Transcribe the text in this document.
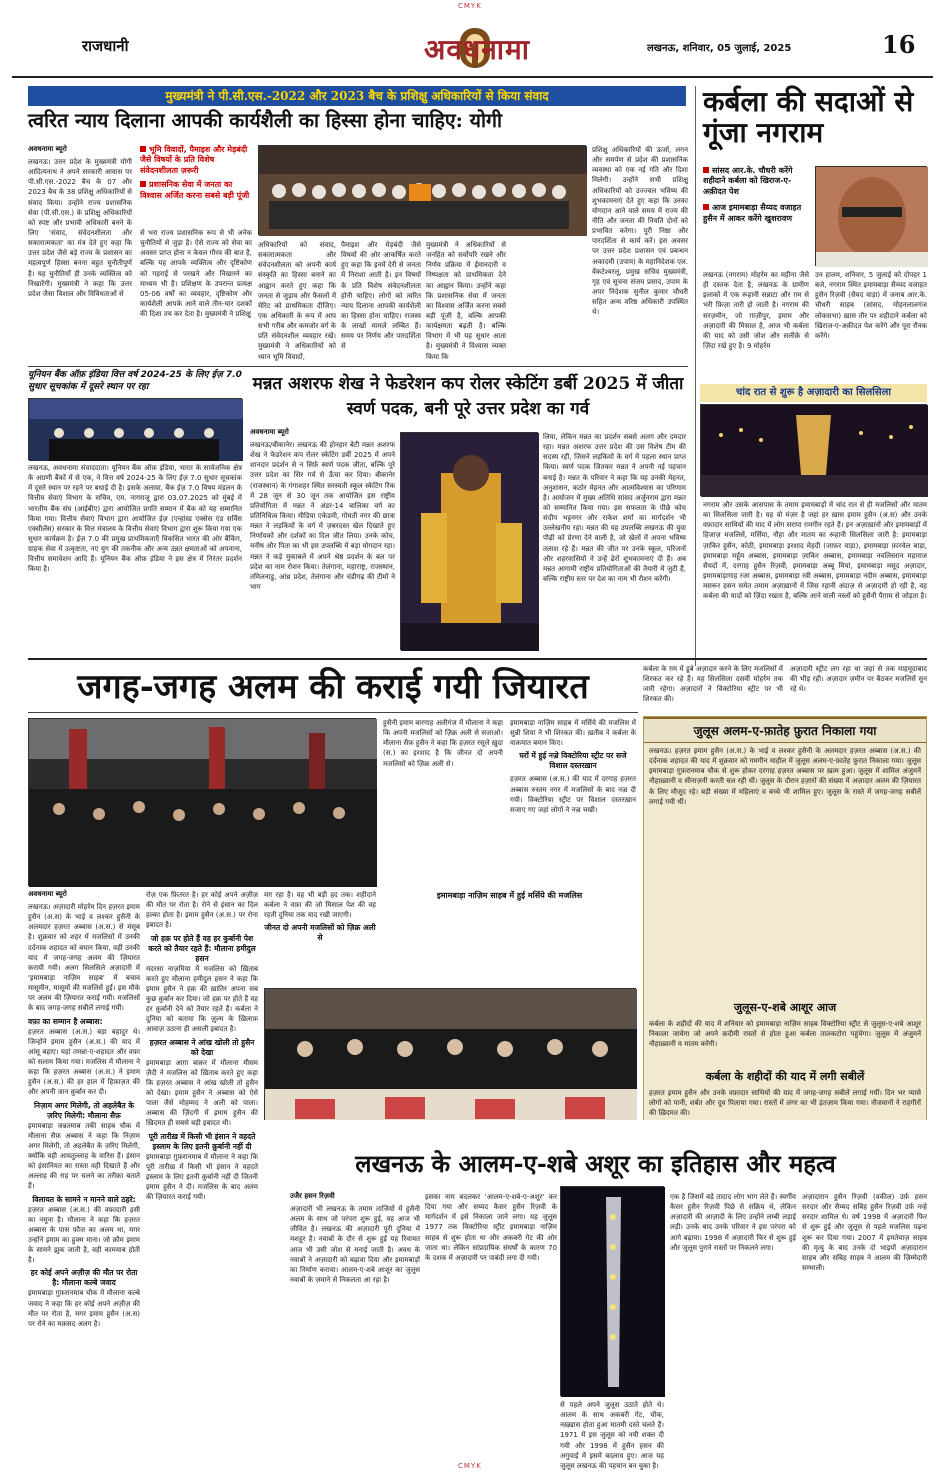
CMYK
CMYK
राजधानी	अवधनामा	लखनऊ, शनिवार, 05 जुलाई, 2025	16
मुख्यमंत्री ने पी.सी.एस.-2022 और 2023 बैच के प्रशिक्षु अधिकारियों से किया संवाद
त्वरित न्याय दिलाना आपकी कार्यशैली का हिस्सा होना चाहिए: योगी
अवधनामा ब्यूरो
लखनऊ। उत्तर प्रदेश के मुख्यमंत्री योगी आदित्यनाथ ने अपने सरकारी आवास पर पी.सी.एस.-2022 बैच के 07 और 2023 बैच के 38 प्रशिक्षु अधिकारियों से संवाद किया। उन्होंने राज्य प्रशासनिक सेवा (पी.सी.एस.) के प्रशिक्षु अधिकारियों को स्पष्ट और प्रभावी अधिकारी बनने के लिए 'संवाद, संवेदनशीलता और सकारात्मकता' का मंत्र देते हुए कहा कि उत्तर प्रदेश जैसे बड़े राज्य के प्रशासन का महत्वपूर्ण हिस्सा बनना बहुत चुनौतीपूर्ण है। यह चुनौतियाँ ही उनके व्यक्तित्व को निखारेंगी। मुख्यमंत्री ने कहा कि उत्तर प्रदेश जैसा विशाल और विविधताओं से
भूमि विवादों, पैमाइश और मेड़बंदी जैसे विषयों के प्रति विशेष संवेदनशीलता ज़रूरी
प्रशासनिक सेवा में जनता का विश्वास अर्जित करना सबसे बड़ी पूंजी
से भरा राज्य प्रशासनिक रूप से भी अनेक चुनौतियों से जुड़ा है। ऐसे राज्य को सेवा का अवसर प्राप्त होना न केवल गौरव की बात है, बल्कि यह आपके व्यक्तित्व और दृष्टिकोण को गहराई से परखने और निखारने का माध्यम भी है। प्रशिक्षण के उपरान्त प्रत्यक्ष 05-06 वर्षों का व्यवहार, दृष्टिकोण और कार्यशैली आपके आने वाले तीन-चार दशकों की दिशा तय कर देता है। मुख्यमंत्री ने प्रशिक्षु
अधिकारियों को संवाद, सकारात्मकता और संवेदनशीलता को अपनी कार्य संस्कृति का हिस्सा बनाने का आह्वान करते हुए कहा कि जनता से जुड़ाव और फैसलों में मेरिट को प्राथमिकता दीजिए। एक अधिकारी के रूप में आप सभी गरीब और कमजोर वर्ग के प्रति संवेदनशील व्यवहार रखें। मुख्यमंत्री ने अधिकारियों को ध्यान भूमि विवादों,
पैमाइश और मेड़बंदी जैसे विषयों की ओर आकर्षित करते हुए कहा कि इनमें देरी से जनता में निराशा आती है। इन विषयों के प्रति विशेष संवेदनशीलता होनी चाहिए। लोगों को त्वरित न्याय दिलाना आपकी कार्यशैली का हिस्सा होना चाहिए। राजस्व के लाखों मामले लम्बित हैं। समय पर निर्णय और पारदर्शिता से
मुख्यमंत्री ने अधिकारियों से जनहित को सर्वोपरि रखने और निर्णय प्रक्रिया में ईमानदारी व निष्पक्षता को प्राथमिकता देने का आह्वान किया। उन्होंने कहा कि प्रशासनिक सेवा में जनता का विश्वास अर्जित करना सबसे बड़ी पूंजी है, बल्कि आपकी कार्यक्षमता बढ़ती है। बल्कि विभाग में भी यह सुधार आता है। मुख्यमंत्री ने विश्वास व्यक्त किया कि
प्रशिक्षु अधिकारियों की ऊर्जा, लगन और समर्पण से प्रदेश की प्रशासनिक व्यवस्था को एक नई गति और दिशा मिलेगी। उन्होंने सभी प्रशिक्षु अधिकारियों को उज्ज्वल भविष्य की शुभकामनाएं देते हुए कहा कि उनका योगदान आने वाले समय में राज्य की नीति और जनता की नियति दोनों को प्रभावित करेगा। पूरी निष्ठा और पारदर्शिता से कार्य करें। इस अवसर पर उत्तर प्रदेश प्रशासन एवं प्रबन्धन अकादमी (उपाम) के महानिदेशक एल. वेंकटेश्वरलू, प्रमुख सचिव मुख्यमंत्री, गृह एवं सूचना संजय प्रसाद, उपाम के अपर निदेशक सुनील कुमार चौधरी सहित अन्य वरिष्ठ अधिकारी उपस्थित थे।
कर्बला की सदाओं से गूंजा नगराम
सांसद आर.के. चौधरी करेंगे शहीदाने कर्बला को खिराज-ए-अक़ीदत पेश
आज इमामबाड़ा सैय्यद वजाहत हुसैन में आकर करेंगे खुशरावण
लखनऊ (नगराम) मोहर्रम का महीना जैसे ही दस्तक देता है, लखनऊ के ग्रामीण इलाकों में एक रूहानी सन्नाटा और ग़म से भरी फ़िज़ा तारी हो जाती है। नगराम की सरज़मीन, जो ग़ाज़ीपुर, इमाम और अज़ादारी की मिसाल है, आज भी कर्बला की याद को उसी जोश और सलीक़े से ज़िंदा रखे हुए है। 9 मोहर्रम
उन हालम, शनिवार, 5 जुलाई को दोपहर 1 बजे, नगराम स्थित इमामबाड़ा सैय्यद वजाहत हुसैन रिज़वी (सैयद वाड़ा) में जनाब आर.के. चौधरी साहब (सांसद, मोहनलालगंज लोकसभा) ख़ास तौर पर शहीदाने कर्बला को खिराज-ए-अक़ीदत पेश करेंगे और पूरा रौनक करेंगे।
चांद रात से शुरू है अज़ादारी का सिलसिला
नगराम और उसके आसपास के तमाम इमामबाड़ों में चांद रात से ही मजलिसों और मातम का सिलसिला जारी है। यह वो मंज़र है जहां हर ख़ास इमाम हुसैन (अ.स) और उनके वफ़ादार साथियों की याद में लोग सरापा ग़मगीन रहते हैं। इन अज़ाख़ानों और इमामबाड़ों में हिजाज़ मजलिसें, मर्सिया, नौहा और मातम का रूहानी सिलसिला जारी है: इमामबाड़ा ज़ाकिर हुसैन, कोठी, इमामबाड़ा इरशाद मेहदी (जाफ़र वाड़ा), इमामबाड़ा फ़ारवेल बाड़ा, इमामबाड़ा मर्हूम अब्बास, इमामबाड़ा ज़ाकिर अब्बास, इमामबाड़ा नवलिस्तान महाराज सैयदों में, दरगाह हुसैन रिज़वी, इमामबाड़ा अब्बू मियां, इमामबाड़ा मसूद अज़ादार, इमामबाड़ागाह रजा अब्बास, इमामबाड़ा रवी अब्बास, इमामबाड़ा नदीम अब्बास, इमामबाड़ा मसरूर हसन समेत तमाम अज़ाख़ानों में जिस रहानी अंदाज़ से अज़ादारी हो रही है, वह कर्बला की यादों को ज़िंदा रखता है, बल्कि आने वाली नस्लों को हुसैनी पैग़ाम से जोड़ता है।
यूनियन बैंक ऑफ़ इंडिया वित्त वर्ष 2024-25 के लिए ईज़ 7.0 सुधार सूचकांक में दूसरे स्थान पर रहा
लखनऊ, अवधनामा संवाददाता। यूनियन बैंक ऑफ़ इंडिया, भारत के सार्वजनिक क्षेत्र के अग्रणी बैंकों में से एक, ने वित्त वर्ष 2024-25 के लिए ईज़ 7.0 सुधार सूचकांक में दूसरे स्थान पर रहने पर बधाई दी है। इसके अलावा, बैंक ईज़ 7.0 विषय मंडलन के वित्तीय सेवाएं विभाग के सचिव, एम. नागराजू द्वारा 03.07.2025 को मुंबई में भारतीय बैंक संघ (आईबीए) द्वारा आयोजित प्रगति सम्मान में बैंक को यह सम्मानित किया गया। वित्तीय सेवाएं विभाग द्वारा आयोजित ईज़ (एन्हांस्ड एक्सेस एंड सर्विस एक्सीलेंस) सरकार के वित्त मंत्रालय के वित्तीय सेवाएं विभाग द्वारा शुरू किया गया एक सुधार कार्यक्रम है। ईज़ 7.0 की प्रमुख प्राथमिकताएँ विकसित भारत की ओर बैंकिंग, ग्राहक सेवा में उत्कृष्टता, नए युग की तकनीक और अन्य उन्नत क्षमताओं को अपनाना, वित्तीय समावेशन आदि हैं। यूनियन बैंक ऑफ़ इंडिया ने इस क्षेत्र में निरंतर प्रदर्शन किया है।
मन्नत अशरफ शेख ने फेडरेशन कप रोलर स्केटिंग डर्बी 2025 में जीता स्वर्ण पदक, बनी पूरे उत्तर प्रदेश का गर्व
अवधनामा ब्यूरो
लखनऊ/बीकानेर। लखनऊ की होनहार बेटी मन्नत अशरफ शेख ने फेडरेशन कप रोलर स्केटिंग डर्बी 2025 में अपने शानदार प्रदर्शन से न सिर्फ़ स्वर्ण पदक जीता, बल्कि पूरे उत्तर प्रदेश का सिर गर्व से ऊँचा कर दिया। बीकानेर (राजस्थान) के गंगाशहर स्थित सरस्वती स्कूल स्केटिंग रिंक में 28 जून से 30 जून तक आयोजित इस राष्ट्रीय प्रतियोगिता में मन्नत ने अंडर-14 बालिका वर्ग का प्रतिनिधित्व किया। मीडिया एकेडमी, गोमती नगर की छात्रा मन्नत ने लड़कियों के वर्ग में ज़बरदस्त खेल दिखाते हुए निर्णायकों और दर्शकों का दिल जीत लिया। उनके कोच, मनीष और पिता का भी इस उपलब्धि में बड़ा योगदान रहा। मन्नत ने कड़े मुकाबले में अपने श्रेष्ठ प्रदर्शन के बल पर प्रदेश का नाम रोशन किया। तेलंगाना, महाराष्ट्र, राजस्थान, तमिलनाडु, आंध्र प्रदेश, तेलंगाना और चंडीगढ़ की टीमों ने भाग
लिया, लेकिन मन्नत का प्रदर्शन सबसे अलग और दमदार रहा। मन्नत अशरफ उत्तर प्रदेश की उस विशेष टीम की सदस्य रहीं, जिसने लड़कियों के वर्ग में पहला स्थान प्राप्त किया। स्वर्ण पदक जितकर मन्नत ने अपनी नई पहचान बनाई है। मन्नत के परिवार ने कहा कि यह उनकी मेहनत, अनुशासन, कठोर मेहनत और आत्मविश्वास का परिणाम है। आयोजन में मुख्य अतिथि सांसद अर्जुनराम द्वारा मन्नत को सम्मानित किया गया। इस सफलता के पीछे कोच संदीप भट्टनगर और राकेश शर्मा का मार्गदर्शन भी उल्लेखनीय रहा। मन्नत की यह उपलब्धि लखनऊ की युवा पीढ़ी को प्रेरणा देने वाली है, जो खेलों में अपना भविष्य तलाश रहे हैं। मन्नत की जीत पर उनके स्कूल, परिजनों और शहरवासियों ने उन्हें ढेरों शुभकामनाएं दी हैं। अब मन्नत आगामी राष्ट्रीय प्रतियोगिताओं की तैयारी में जुटी हैं, बल्कि राष्ट्रीय स्तर पर देश का नाम भी रौशन करेंगी।
जगह-जगह अलम की कराई गयी जियारत
हुसैनी इमाम बारगाह अलीगंज में मौलाना ने कहा कि अपनी मजलिसों को ज़िक्र अली से सजाओ। मौलाना सैफ़ हुसैन ने कहा कि हज़रत रसूले ख़ुदा (स.) का इरशाद है कि जीनत दो अपनी मजलिसों को ज़िक्र अली से।
इमामबाड़ा नाज़िम साहब में मर्सिये की मजलिस में सुन्नी शिया ने भी शिरकत की। ख़तीब ने कर्बला के वाक़यात बयान किए।
घरों में हुई नज़्रे विक्टोरिया स्ट्रीट पर सजे विशाल दस्तरख़ान
हज़रत अब्बास (अ.स.) की याद में दरगाह हज़रत अब्बास रुस्तम नगर में मजलिसों के बाद नज़्र दी गयी। विक्टोरिया स्ट्रीट पर विशाल दस्तरख़ान सजाए गए जहां लोगों ने नज़्र चखी।
कर्बला के ग़म में डूबे अज़ादार करने के लिए मजलिसों में शिरकत कर रहे हैं। यह सिलसिला दसवीं मोहर्रम तक जारी रहेगा। अज़ादारों ने विक्टोरिया स्ट्रीट पर भी शिरकत की।
अज़ादारी स्ट्रीट लग रहा था जहां से तक माहमूदाबाद की भीड़ रही। अज़ादार ज़मीन पर बैठकर मजलिसें सुन रहे थे।
जुलूस अलम-ए-फ़ातेह फ़ुरात निकाला गया
लखनऊ। हज़रत इमाम हुसैन (अ.स.) के भाई व लश्कर हुसैनी के अलमदार हज़रत अब्बास (अ.स.) की दर्दनाक शहादत की याद में शुक्रवार को गमगीन माहौल में जुलूस अलम-ए-फ़ातेह फ़ुरात निकाला गया। जुलूस इमामबाड़ा ग़ुफ़रानमाब चौक से शुरू होकर दरगाह हज़रत अब्बास पर ख़त्म हुआ। जुलूस में शामिल अंजुमनें नौहाख़्वानी व सीनाज़नी करती चल रही थीं। जुलूस के दौरान हज़ारों की संख्या में अज़ादार अलम की ज़ियारत के लिए मौजूद रहे। बड़ी संख्या में महिलाएं व बच्चे भी शामिल हुए। जुलूस के रास्ते में जगह-जगह सबीलें लगाई गयी थीं।
जुलूस-ए-शबे आशूर आज
कर्बला के शहीदों की याद में शनिवार को इमामबाड़ा नाज़िम साहब विक्टोरिया स्ट्रीट से जुलूस-ए-शबे आशूर निकाला जायेगा जो अपने क़दीमी रास्तों से होता हुआ कर्बला तालकटोरा पहुंचेगा। जुलूस में अंजुमनें नौहाख़्वानी व मातम करेंगी।
कर्बला के शहीदों की याद में लगी सबीलें
हज़रत इमाम हुसैन और उनके वफ़ादार साथियों की याद में जगह-जगह सबीलें लगाई गयीं। दिन भर प्यासे लोगों को पानी, शर्बत और दूध पिलाया गया। रास्तों में लंगर का भी इंतज़ाम किया गया। नौजवानों ने राहगीरों की ख़िदमत की।
अवधनामा ब्यूरो
लखनऊ। अज़ादारी मोहर्रम दिन हज़रत इमाम हुसैन (अ.स) के भाई व लश्कर हुसैनी के अलमदार हज़रत अब्बास (अ.स.) से मंसूब है। शुक्रवार को शहर में मजलिसों में उनकी दर्दनाक शहादत को बयान किया, वहीं उनकी याद में जगह-जगह अलम की ज़ियारत करायी गयी। अलग सिलसिले अज़ादारी में 'इमामबाड़ा नाज़िम साहब' में बचाव मासूमीन, मासूमों की मजलिसें हुईं। इस मौके पर अलम की ज़ियारत कराई गयी। मजलिसों के बाद जगह-जगह सबीलें लगाई गयीं।
वफ़ा का सम्मान है अब्बास:
हज़रत अब्बास (अ.स.) बड़ा बहादुर थे। जिन्होंने इमाम हुसैन (अ.स.) की याद में आंसू बहाए। यहां तमन्ना-ए-शहादत और वफ़ा को सलाम किया गया। मजलिस में मौलाना ने कहा कि हज़रत अब्बास (अ.स.) ने इमाम हुसैन (अ.स.) की हर हाल में हिफ़ाज़त की और अपनी जान क़ुर्बान कर दी।
निज़ाम अगर मिलेगी, तो अहलेबैत के ज़रिए मिलेगी: मौलाना सैफ़
इमामबाड़ा जन्नतमाब तकी साहब चौक में मौलाना सैफ़ अब्बास ने कहा कि निज़ाम अगर मिलेगी, तो अहलेबैत के ज़रिए मिलेगी, क्योंकि वही आयतुल्लाह के वारिस हैं। इंसान को इंसानियत का रास्ता वही दिखाते हैं और अल्लाह की राह पर चलने का तरीक़ा बताते हैं।
विलायत के सामने न मानने वाले ठहरे:
हज़रत अब्बास (अ.स.) की वफ़ादारी इसी का नमूना है। मौलाना ने कहा कि हज़रत अब्बास के पास फ़ौज का अलम था, मगर उन्होंने इमाम का हुक्म माना। जो क़ौम इमाम के सामने झुक जाती है, वही कामयाब होती है।
हर कोई अपने अज़ीज़ की मौत पर रोता है: मौलाना कल्बे जवाद
इमामबाड़ा गुफ़रानमाब चौक में मौलाना कल्बे जवाद ने कहा कि हर कोई अपने अज़ीज़ की मौत पर रोता है, मगर इमाम हुसैन (अ.स) पर रोने का मक़सद अलग है।
रोज़ एक फ़ितरत है। हर कोई अपने अज़ीज़ की मौत पर रोता है। रोने से इंसान का दिल हल्का होता है। इमाम हुसैन (अ.स.) पर रोना इबादत है।
जो हक़ पर होते हैं वह हर कुर्बानी पेश करते को तैयार रहते हैं: मौलाना हमीदुल हसन
मदरसा नाज़मिया में मजलिस को ख़िताब करते हुए मौलाना हमीदुल हसन ने कहा कि इमाम हुसैन ने हक़ की ख़ातिर अपना सब कुछ क़ुर्बान कर दिया। जो हक़ पर होते हैं वह हर क़ुर्बानी देने को तैयार रहते हैं। कर्बला ने दुनिया को बताया कि ज़ुल्म के ख़िलाफ़ आवाज़ उठाना ही असली इबादत है।
हज़रत अब्बास ने आंख खोली तो हुसैन को देखा
इमामबाड़ा आग़ा बाक़र में मौलाना मीसम ज़ैदी ने मजलिस को ख़िताब करते हुए कहा कि हज़रत अब्बास ने आंख खोली तो हुसैन को देखा। इमाम हुसैन ने अब्बास को ऐसे पाला जैसे मोहम्मद ने अली को पाला। अब्बास की ज़िंदगी में इमाम हुसैन की ख़िदमत ही सबसे बड़ी इबादत थी।
पूरी तारीख़ में किसी भी इंसान ने वहदते इस्लाम के लिए इतनी क़ुर्बानी नहीं दी
इमामबाड़ा ग़ुफ़रानमाब में मौलाना ने कहा कि पूरी तारीख़ में किसी भी इंसान ने वहदते इस्लाम के लिए इतनी क़ुर्बानी नहीं दी जितनी इमाम हुसैन ने दी। मजलिस के बाद अलम की ज़ियारत कराई गयी।
मग़ रहा है। वह भी बड़ी हद तक। शहीदाने कर्बला ने वफ़ा की जो मिसाल पेश की वह रहती दुनिया तक याद रखी जाएगी।
जीनत दो अपनी मजलिसों को ज़िक्र अली से
इमामबाड़ा नाज़िम साहब में हुई मर्सिये की मजलिस
लखनऊ के आलम-ए-शबे अशूर का इतिहास और महत्व
उजैर हसन रिज़वी
अज़ादारी भी लखनऊ के तमाम ताजियों में हुसैनी अलम के साथ जो परंपरा शुरू हुई, वह आज भी जीवित है। लखनऊ की अज़ादारी पूरी दुनिया में मशहूर है। नवाबों के दौर से शुरू हुई यह रिवायत आज भी उसी जोश से मनाई जाती है। अवध के नवाबों ने अज़ादारी को बढ़ावा दिया और इमामबाड़ों का निर्माण कराया। आलम-ए-शबे आशूर का जुलूस नवाबों के ज़माने से निकलता आ रहा है।
इसका नाम बदलकर 'आलम-ए-शबे-ए-अशूर' कर दिया गया और सय्यद कैसर हुसैन रिज़वी के मार्गदर्शन में इसे निकाला जाने लगा। यह जुलूस 1977 तक विक्टोरिया स्ट्रीट इमामबाड़ा नाज़िम साहब से शुरू होता था और अकबरी गेट की ओर जाता था। लेकिन सांप्रदायिक संघर्षों के कारण 70 के दशक में अज़ादारी पर पाबंदी लगा दी गयी।
से पहले अपने जुलूस उठाते होते थे। आलम के साथ अकबरी गेट, चौक, नख़्ख़ास होता हुआ मातमी दस्ते चलते हैं। 1971 में इस जुलूस को नयी शक्ल दी गयी और 1998 में हुसैन हसन की अगुवाई में इसमें बदलाव हुए। आज यह जुलूस लखनऊ की पहचान बन चुका है।
एक है जिसमें बड़े तादाद लोग भाग लेते हैं। स्वर्गीय कैसर हुसैन रिज़वी पिछे से सक्रिय थे, लेकिन अज़ादारी की आज़ादी के लिए उन्होंने लम्बी लड़ाई लड़ी। उनके बाद उनके परिवार ने इस परंपरा को आगे बढ़ाया। 1998 में अज़ादारी फिर से शुरू हुई और जुलूस पुराने रास्तों पर निकलने लगा।
अज़ादारान हुसैन रिज़वी (वकील) उर्फ़ हसन सरदार और सैय्यद सबिह हुसैन रिज़वी उर्फ़ नन्हे सरदार शामिल थे। वर्ष 1998 में अज़ादारी फिर से शुरू हुई और जुलूस से पहले मजलिस पढ़ना शुरू कर दिया गया। 2007 में इमतेयाज़ साहब की मृत्यु के बाद उनके दो भाइयों अज़ादारान साहब और सबिह साहब ने आलम की ज़िम्मेदारी सम्भाली।
